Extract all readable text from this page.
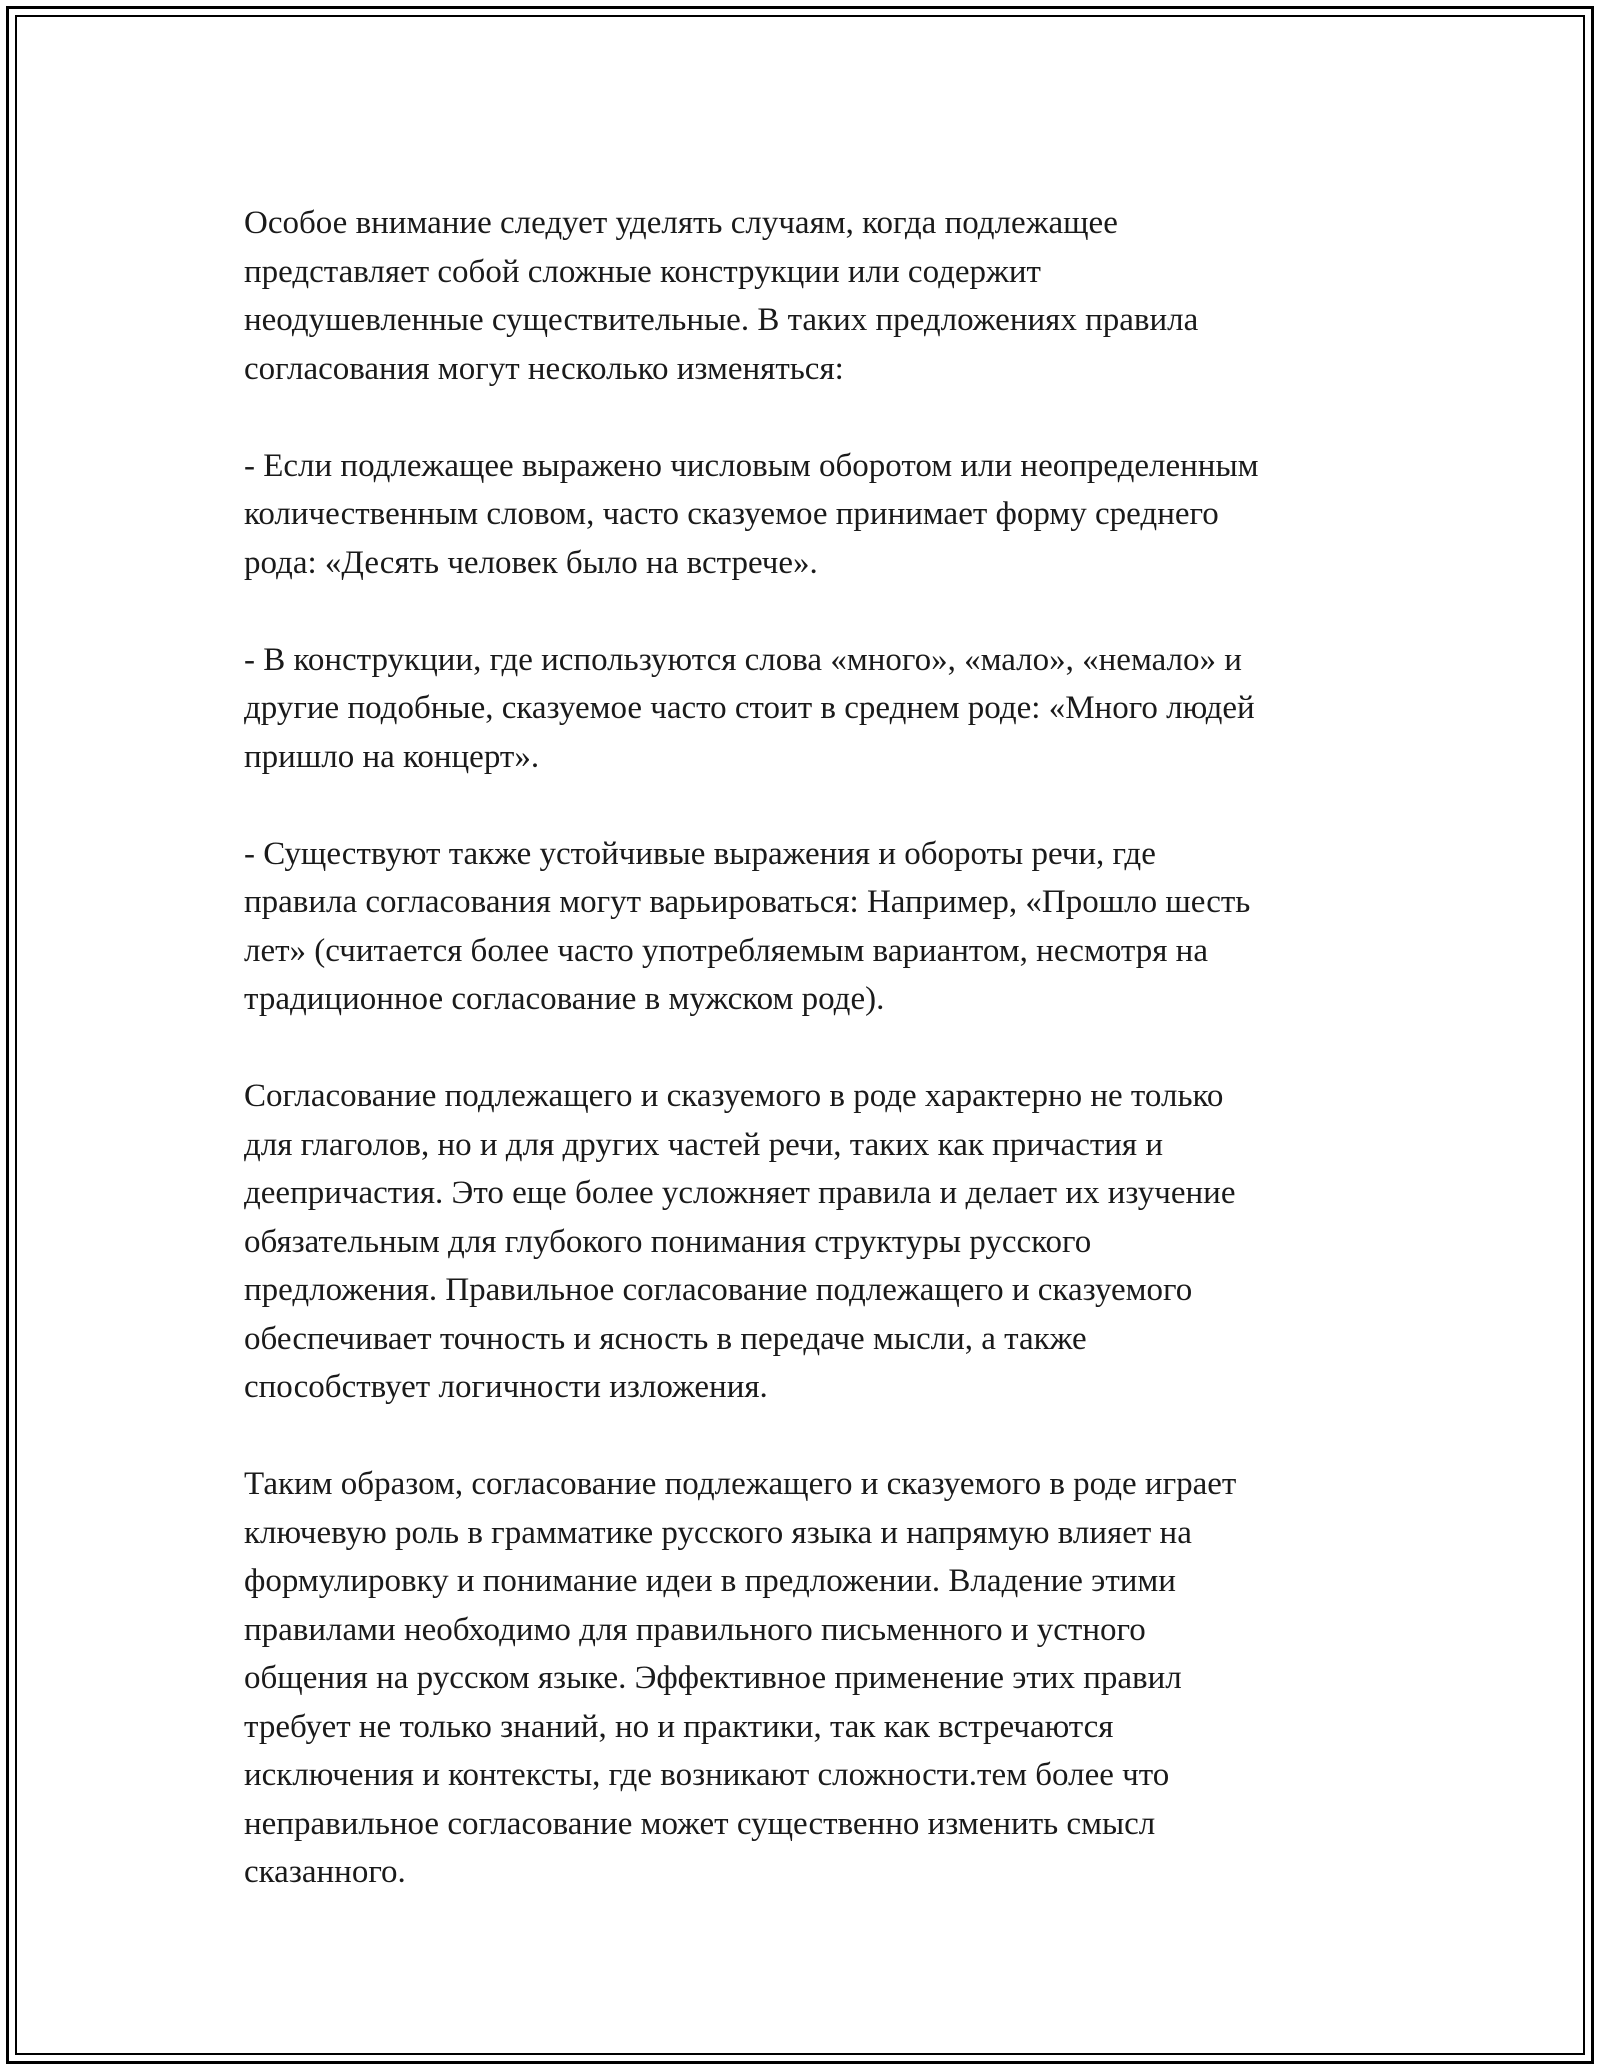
Особое внимание следует уделять случаям, когда подлежащее
представляет собой сложные конструкции или содержит
неодушевленные существительные. В таких предложениях правила
согласования могут несколько изменяться:

- Если подлежащее выражено числовым оборотом или неопределенным
количественным словом, часто сказуемое принимает форму среднего
рода: «Десять человек было на встрече».

- В конструкции, где используются слова «много», «мало», «немало» и
другие подобные, сказуемое часто стоит в среднем роде: «Много людей
пришло на концерт».

- Существуют также устойчивые выражения и обороты речи, где
правила согласования могут варьироваться: Например, «Прошло шесть
лет» (считается более часто употребляемым вариантом, несмотря на
традиционное согласование в мужском роде).

Согласование подлежащего и сказуемого в роде характерно не только
для глаголов, но и для других частей речи, таких как причастия и
деепричастия. Это еще более усложняет правила и делает их изучение
обязательным для глубокого понимания структуры русского
предложения. Правильное согласование подлежащего и сказуемого
обеспечивает точность и ясность в передаче мысли, а также
способствует логичности изложения.

Таким образом, согласование подлежащего и сказуемого в роде играет
ключевую роль в грамматике русского языка и напрямую влияет на
формулировку и понимание идеи в предложении. Владение этими
правилами необходимо для правильного письменного и устного
общения на русском языке. Эффективное применение этих правил
требует не только знаний, но и практики, так как встречаются
исключения и контексты, где возникают сложности.тем более что
неправильное согласование может существенно изменить смысл
сказанного.
